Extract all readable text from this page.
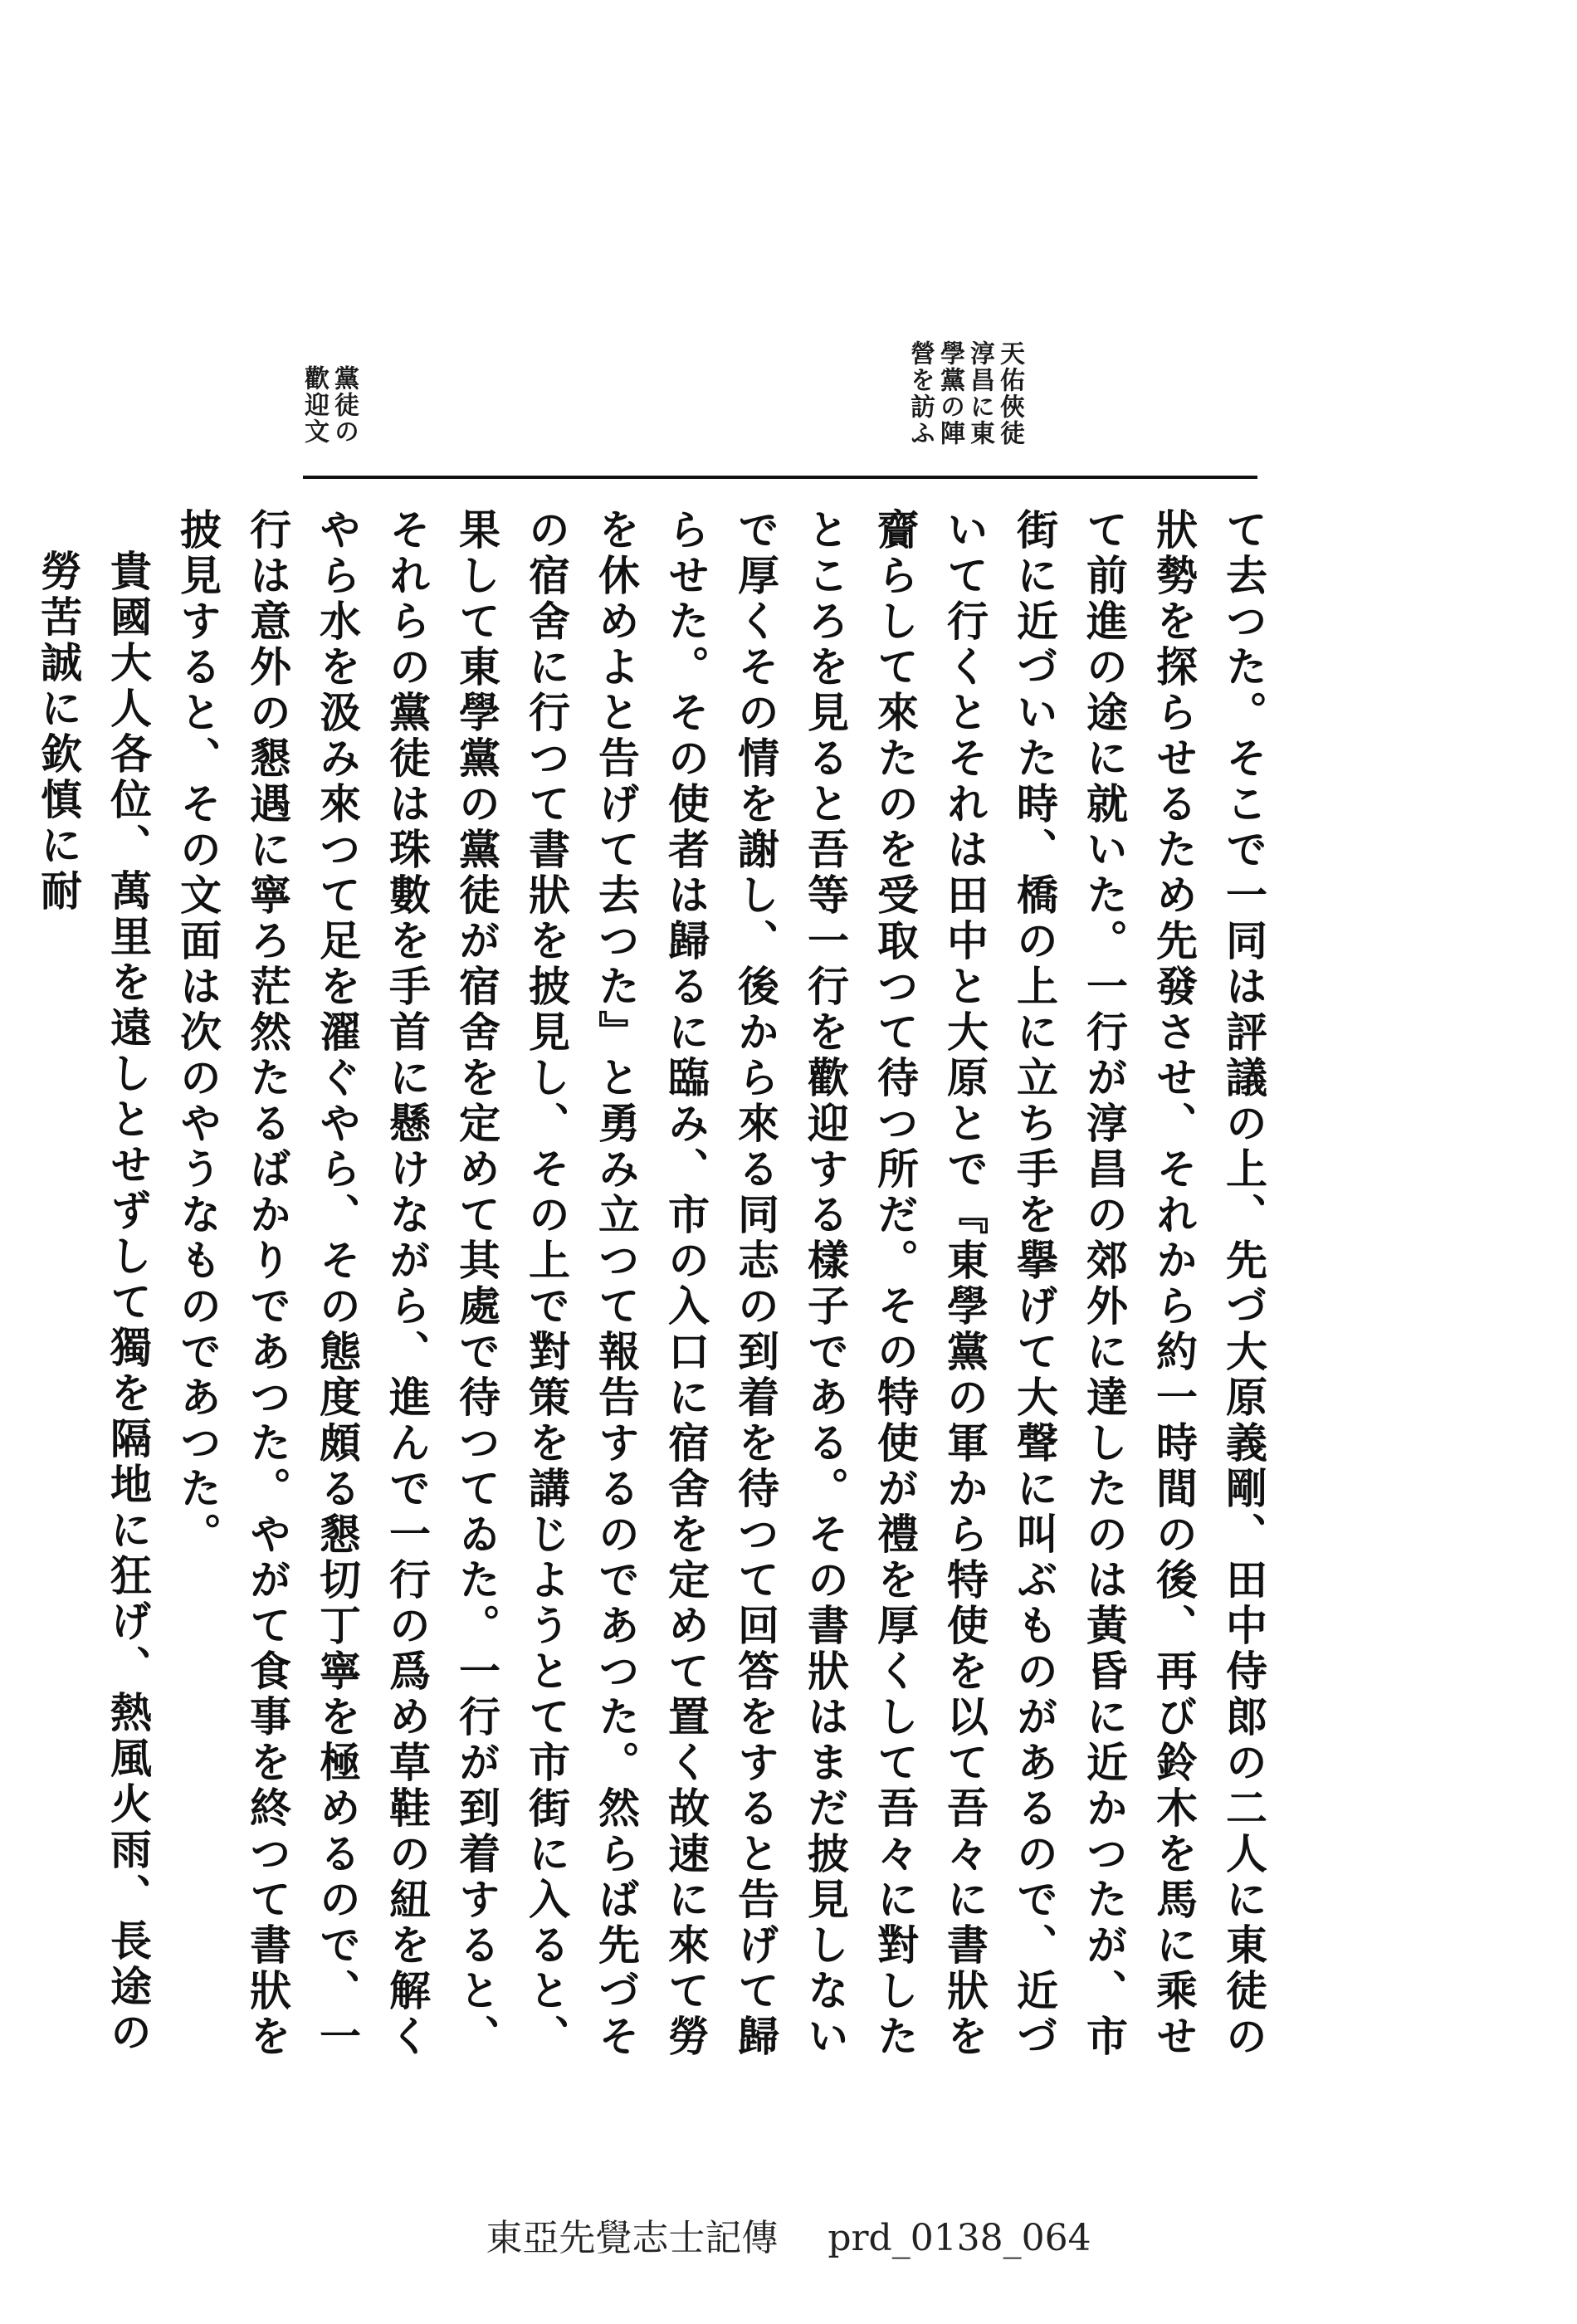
天佑俠徒淳昌に東學黨の陣營を訪ふ
黨徒の歡迎文

て去つた。そこで一同は評議の上、先づ大原義剛、田中侍郎の二人に東徒の狀勢を探らせるため先發させ、それから約一時間の後、再び鈴木を馬に乘せて前進の途に就いた。一行が淳昌の郊外に達したのは黃昏に近かつたが、市街に近づいた時、橋の上に立ち手を擧げて大聲に叫ぶものがあるので、近づいて行くとそれは田中と大原とで『東學黨の軍から特使を以て吾々に書狀を齎らして來たのを受取つて待つ所だ。その特使が禮を厚くして吾々に對したところを見ると吾等一行を歡迎する樣子である。その書狀はまだ披見しないで厚くその情を謝し、後から來る同志の到着を待つて回答をすると告げて歸らせた。その使者は歸るに臨み、市の入口に宿舍を定めて置く故速に來て勞を休めよと告げて去つた』と勇み立つて報告するのであつた。然らば先づその宿舍に行つて書狀を披見し、その上で對策を講じようとて市街に入ると、果して東學黨の黨徒が宿舍を定めて其處で待つてゐた。一行が到着すると、それらの黨徒は珠數を手首に懸けながら、進んで一行の爲め草鞋の紐を解くやら水を汲み來つて足を濯ぐやら、その態度頗る懇切丁寧を極めるので、一行は意外の懇遇に寧ろ茫然たるばかりであつた。やがて食事を終つて書狀を披見すると、その文面は次のやうなものであつた。

貴國大人各位、萬里を遠しとせずして獨を隔地に狂げ、熱風火雨、長途の勞苦誠に欽慎に耐

東亞先覺志士記傳 prd_0138_064
